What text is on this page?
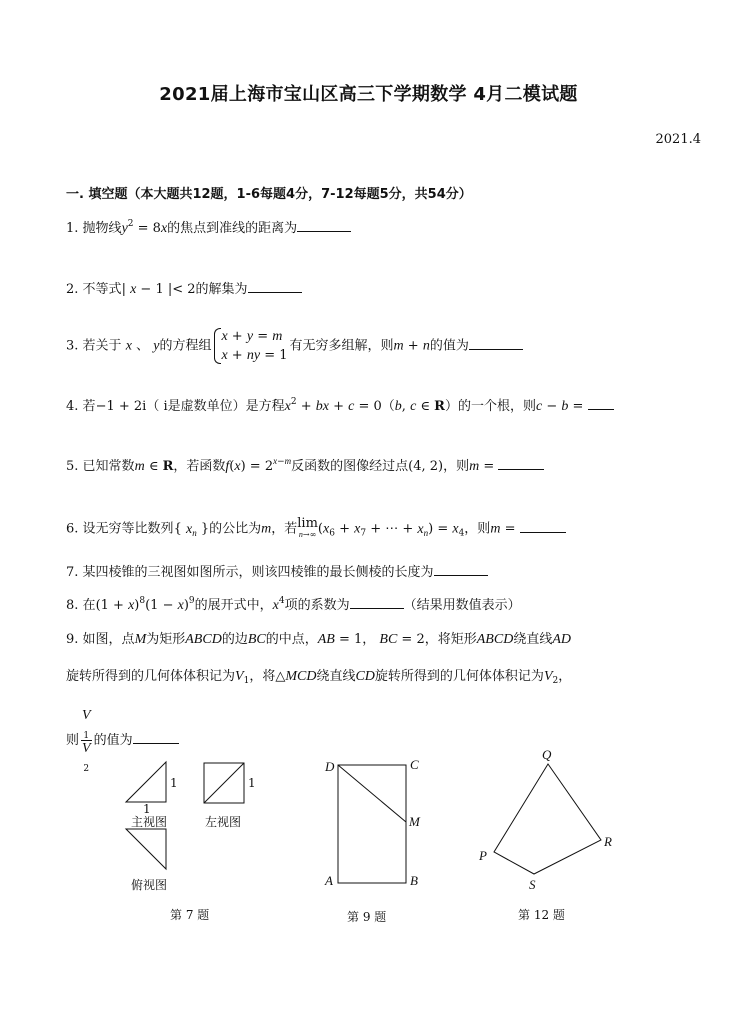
2021届上海市宝山区高三下学期数学 4月二模试题
2021.4
一. 填空题（本大题共12题，1-6每题4分，7-12每题5分，共54分）
1. 抛物线$y^2 = 8x$的焦点到准线的距离为
2. 不等式| x − 1 |< 2的解集为
3. 若关于 x 、 y的方程组
x + y = m
x + ny = 1
有无穷多组解，则m + n的值为
4. 若−1 + 2i（ i是虚数单位）是方程$x^2$ + bx + c = 0（b, c ∈ R）的一个根，则c − b =
5. 已知常数m ∈ R，若函数$f(x) = 2^{x-m}$反函数的图像经过点(4, 2)，则m =
6. 设无穷等比数列{ $x_n$ }的公比为m，若 lim
n→∞ ($x_6 + x_7$ + ⋯ + $x_n) = x_4$，则m =
7. 某四棱锥的三视图如图所示，则该四棱锥的最长侧棱的长度为
8. 在$(1 + x)^8(1 - x)^9$的展开式中，$x^4$项的系数为	（结果用数值表示）
9. 如图，点M为矩形ABCD的边BC的中点，AB = 1， BC = 2，将矩形ABCD绕直线AD
旋转所得到的几何体体积记为$V_1$，将△MCD绕直线CD旋转所得到的几何体体积记为$V_2$，
则 V
$_1$
V
$_2$ 的值为
1
1
1
主视图	左视图
俯视图
第 7 题
D	C
M
A	B
第 9 题
Q
R
S
P
第 12 题
